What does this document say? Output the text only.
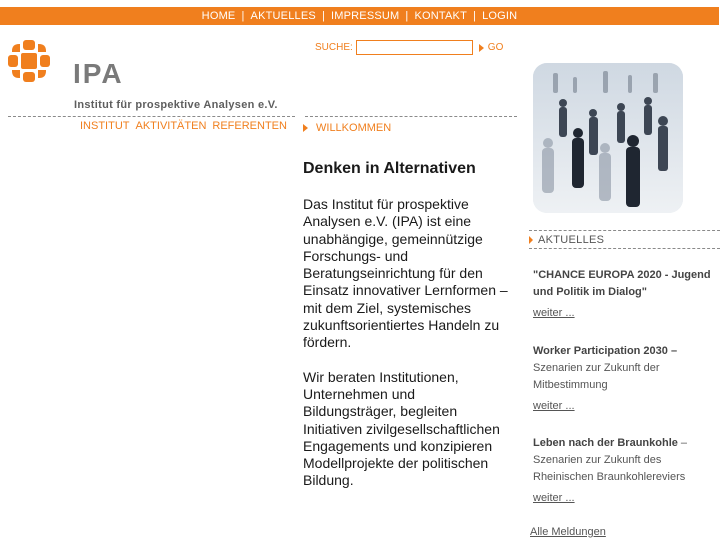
HOME | AKTUELLES | IMPRESSUM | KONTAKT | LOGIN
IPA
Institut für prospektive Analysen e.V.
SUCHE:	GO
INSTITUT AKTIVITÄTEN REFERENTEN	WILLKOMMEN
Denken in Alternativen

Das Institut für prospektive Analysen e.V. (IPA) ist eine unabhängige, gemeinnützige Forschungs- und Beratungseinrichtung für den Einsatz innovativer Lernformen – mit dem Ziel, systemisches zukunftsorientiertes Handeln zu fördern.

Wir beraten Institutionen, Unternehmen und Bildungsträger, begleiten Initiativen zivilgesellschaftlichen Engagements und konzipieren Modellprojekte der politischen Bildung.

AKTUELLES
"CHANCE EUROPA 2020 - Jugend und Politik im Dialog"
weiter ...
Worker Participation 2030 –
Szenarien zur Zukunft der Mitbestimmung
weiter ...
Leben nach der Braunkohle –
Szenarien zur Zukunft des Rheinischen Braunkohlereviers
weiter ...
Alle Meldungen
